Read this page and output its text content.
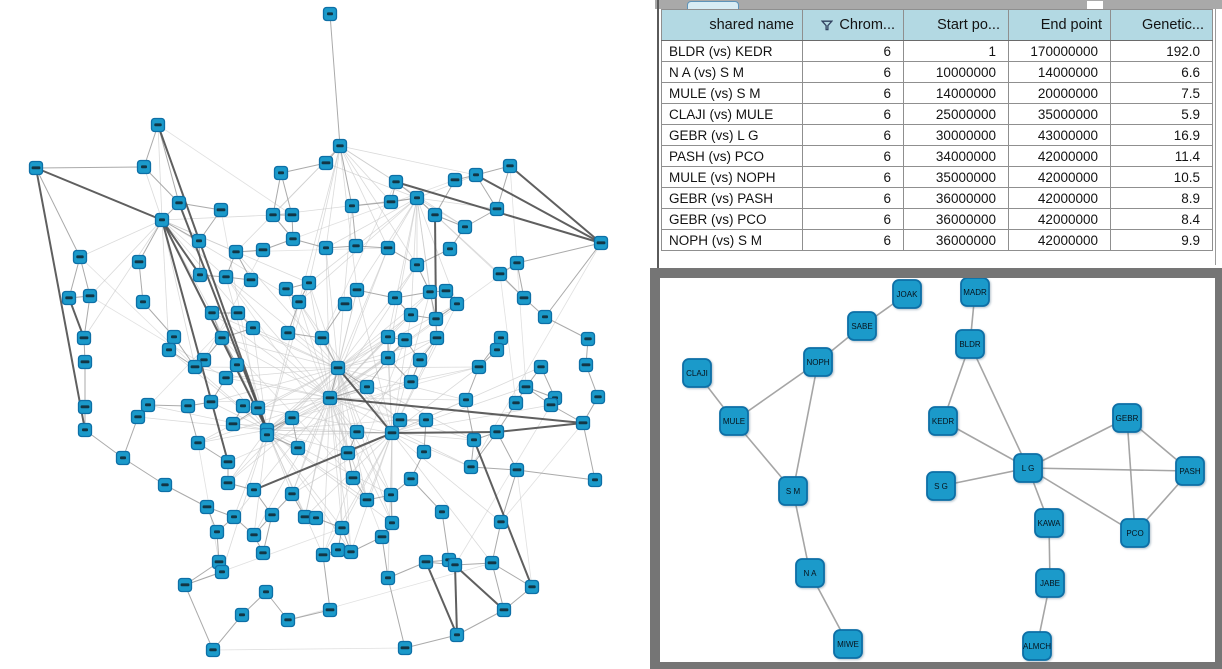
shared name	Chrom...	Start po...	End point	Genetic...

BLDR (vs) KEDR	6	1	170000000	192.0
N A (vs) S M	6	10000000	14000000	6.6
MULE (vs) S M	6	14000000	20000000	7.5
CLAJI (vs) MULE	6	25000000	35000000	5.9
GEBR (vs) L G	6	30000000	43000000	16.9
PASH (vs) PCO	6	34000000	42000000	11.4
MULE (vs) NOPH	6	35000000	42000000	10.5
GEBR (vs) PASH	6	36000000	42000000	8.9
GEBR (vs) PCO	6	36000000	42000000	8.4
NOPH (vs) S M	6	36000000	42000000	9.9
JOAK	MADR
SABE
BLDR
NOPH
CLAJI
MULE	KEDR	GEBR
L G	PASH
S G
S M
KAWA
PCO
N A
JABE
MIWE	ALMCH
